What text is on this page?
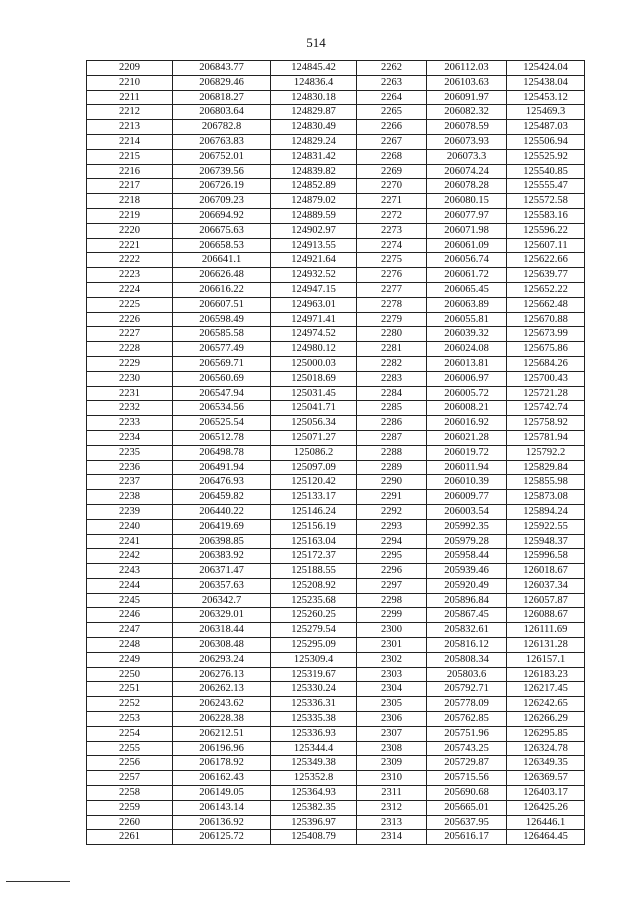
514
2209	206843.77	124845.42	2262	206112.03	125424.04
2210	206829.46	124836.4	2263	206103.63	125438.04
2211	206818.27	124830.18	2264	206091.97	125453.12
2212	206803.64	124829.87	2265	206082.32	125469.3
2213	206782.8	124830.49	2266	206078.59	125487.03
2214	206763.83	124829.24	2267	206073.93	125506.94
2215	206752.01	124831.42	2268	206073.3	125525.92
2216	206739.56	124839.82	2269	206074.24	125540.85
2217	206726.19	124852.89	2270	206078.28	125555.47
2218	206709.23	124879.02	2271	206080.15	125572.58
2219	206694.92	124889.59	2272	206077.97	125583.16
2220	206675.63	124902.97	2273	206071.98	125596.22
2221	206658.53	124913.55	2274	206061.09	125607.11
2222	206641.1	124921.64	2275	206056.74	125622.66
2223	206626.48	124932.52	2276	206061.72	125639.77
2224	206616.22	124947.15	2277	206065.45	125652.22
2225	206607.51	124963.01	2278	206063.89	125662.48
2226	206598.49	124971.41	2279	206055.81	125670.88
2227	206585.58	124974.52	2280	206039.32	125673.99
2228	206577.49	124980.12	2281	206024.08	125675.86
2229	206569.71	125000.03	2282	206013.81	125684.26
2230	206560.69	125018.69	2283	206006.97	125700.43
2231	206547.94	125031.45	2284	206005.72	125721.28
2232	206534.56	125041.71	2285	206008.21	125742.74
2233	206525.54	125056.34	2286	206016.92	125758.92
2234	206512.78	125071.27	2287	206021.28	125781.94
2235	206498.78	125086.2	2288	206019.72	125792.2
2236	206491.94	125097.09	2289	206011.94	125829.84
2237	206476.93	125120.42	2290	206010.39	125855.98
2238	206459.82	125133.17	2291	206009.77	125873.08
2239	206440.22	125146.24	2292	206003.54	125894.24
2240	206419.69	125156.19	2293	205992.35	125922.55
2241	206398.85	125163.04	2294	205979.28	125948.37
2242	206383.92	125172.37	2295	205958.44	125996.58
2243	206371.47	125188.55	2296	205939.46	126018.67
2244	206357.63	125208.92	2297	205920.49	126037.34
2245	206342.7	125235.68	2298	205896.84	126057.87
2246	206329.01	125260.25	2299	205867.45	126088.67
2247	206318.44	125279.54	2300	205832.61	126111.69
2248	206308.48	125295.09	2301	205816.12	126131.28
2249	206293.24	125309.4	2302	205808.34	126157.1
2250	206276.13	125319.67	2303	205803.6	126183.23
2251	206262.13	125330.24	2304	205792.71	126217.45
2252	206243.62	125336.31	2305	205778.09	126242.65
2253	206228.38	125335.38	2306	205762.85	126266.29
2254	206212.51	125336.93	2307	205751.96	126295.85
2255	206196.96	125344.4	2308	205743.25	126324.78
2256	206178.92	125349.38	2309	205729.87	126349.35
2257	206162.43	125352.8	2310	205715.56	126369.57
2258	206149.05	125364.93	2311	205690.68	126403.17
2259	206143.14	125382.35	2312	205665.01	126425.26
2260	206136.92	125396.97	2313	205637.95	126446.1
2261	206125.72	125408.79	2314	205616.17	126464.45
